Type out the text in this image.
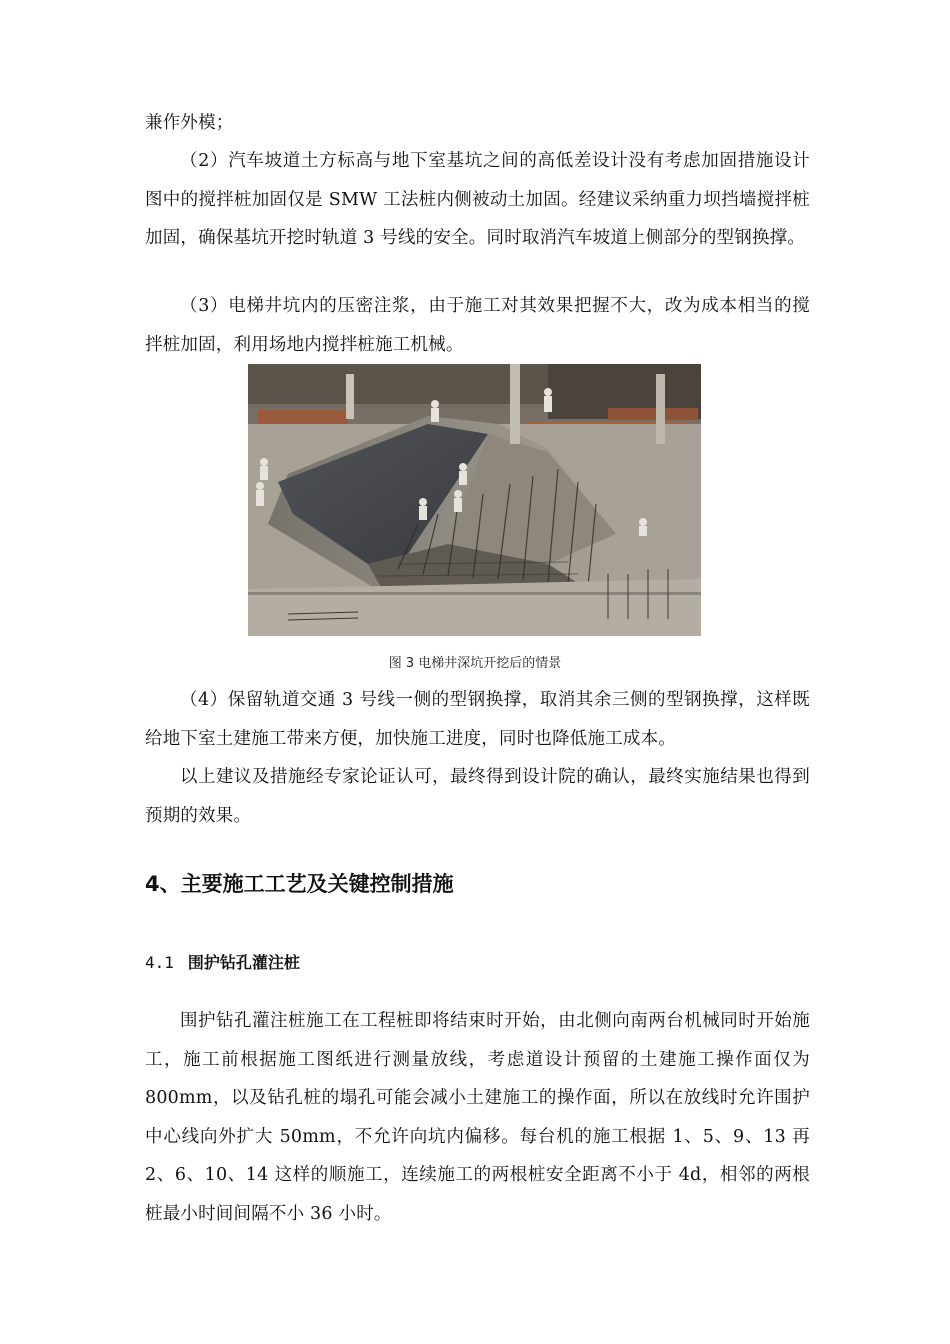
兼作外模；

（2）汽车坡道土方标高与地下室基坑之间的高低差设计没有考虑加固措施设计图中的搅拌桩加固仅是 SMW 工法桩内侧被动土加固。经建议采纳重力坝挡墙搅拌桩加固，确保基坑开挖时轨道 3 号线的安全。同时取消汽车坡道上侧部分的型钢换撑。

（3）电梯井坑内的压密注浆，由于施工对其效果把握不大，改为成本相当的搅拌桩加固，利用场地内搅拌桩施工机械。

图 3 电梯井深坑开挖后的情景

（4）保留轨道交通 3 号线一侧的型钢换撑，取消其余三侧的型钢换撑，这样既给地下室土建施工带来方便，加快施工进度，同时也降低施工成本。

以上建议及措施经专家论证认可，最终得到设计院的确认，最终实施结果也得到预期的效果。

4、主要施工工艺及关键控制措施
4.1 围护钻孔灌注桩

围护钻孔灌注桩施工在工程桩即将结束时开始，由北侧向南两台机械同时开始施工，施工前根据施工图纸进行测量放线，考虑道设计预留的土建施工操作面仅为 800mm，以及钻孔桩的塌孔可能会减小土建施工的操作面，所以在放线时允许围护中心线向外扩大 50mm，不允许向坑内偏移。每台机的施工根据 1、5、9、13 再 2、6、10、14 这样的顺施工，连续施工的两根桩安全距离不小于 4d，相邻的两根桩最小时间间隔不小 36 小时。
